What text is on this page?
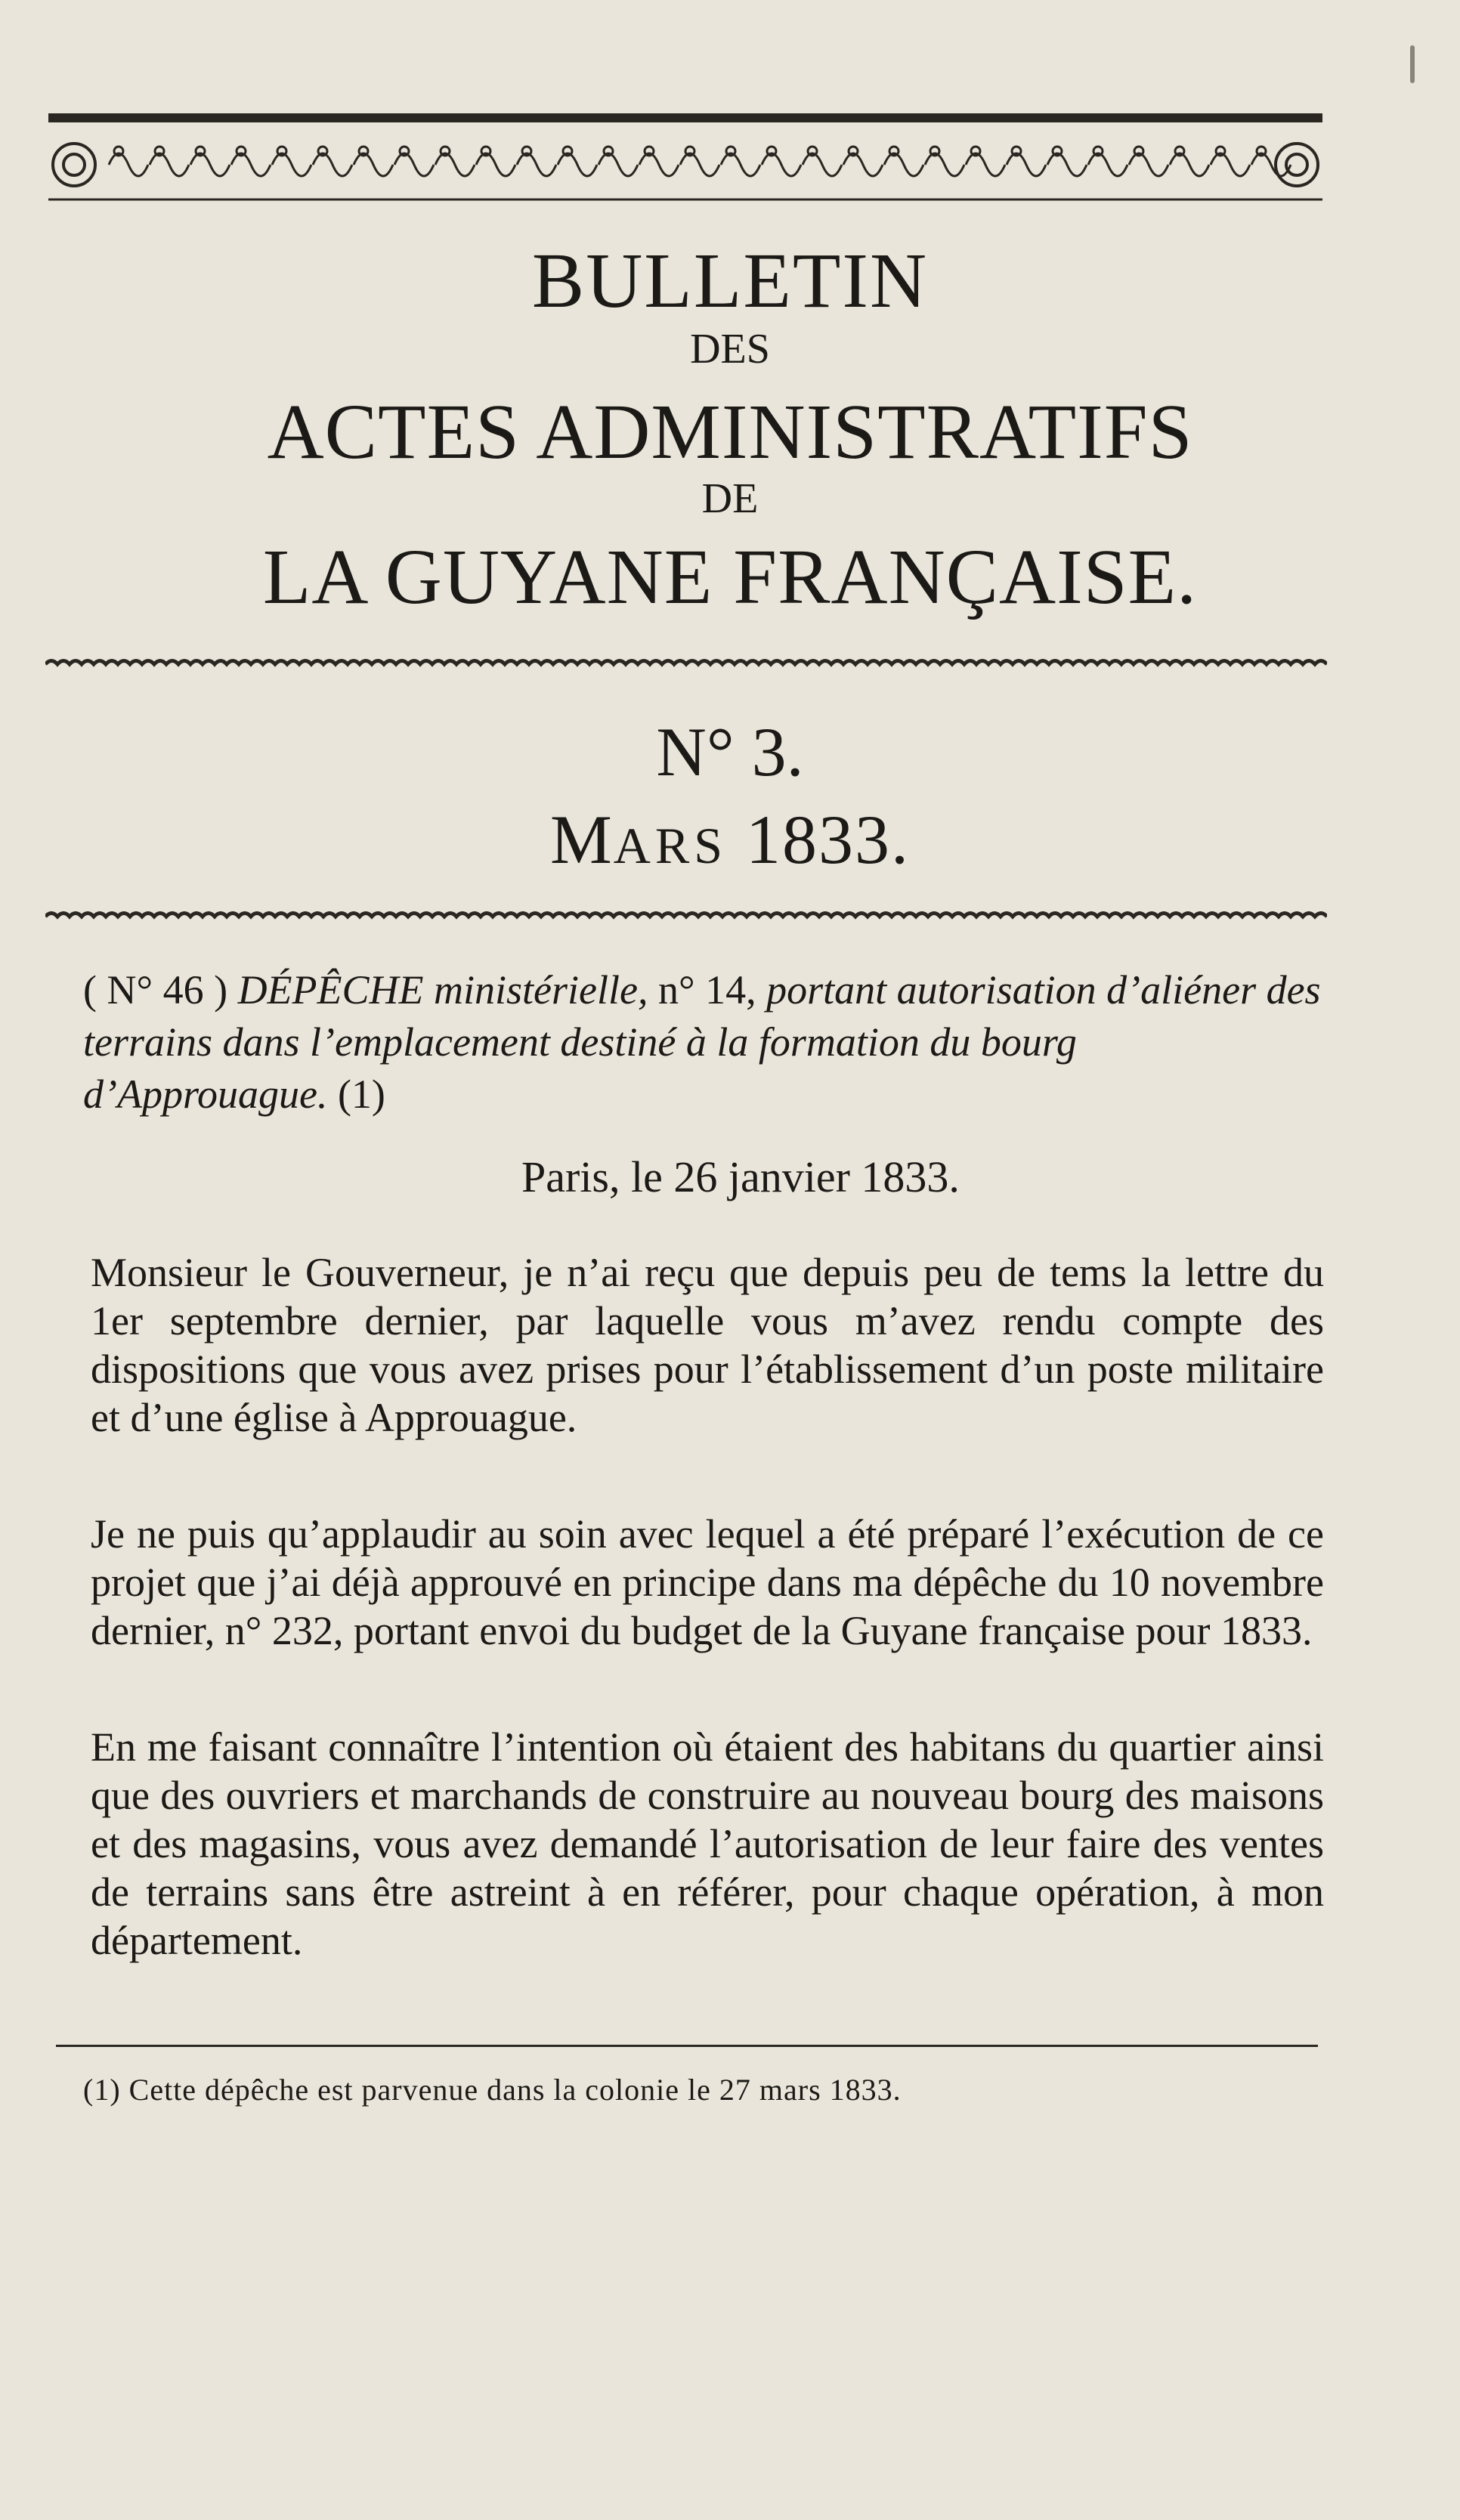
BULLETIN
DES
ACTES ADMINISTRATIFS
DE
LA GUYANE FRANÇAISE.
N° 3.
MARS 1833.
( N° 46 ) DÉPÊCHE ministérielle, n° 14, portant autorisation d’aliéner des terrains dans l’emplacement destiné à la formation du bourg d’Approuague. (1)
Paris, le 26 janvier 1833.
Monsieur le Gouverneur, je n’ai reçu que depuis peu de tems la lettre du 1er septembre dernier, par laquelle vous m’avez rendu compte des dispositions que vous avez prises pour l’établissement d’un poste militaire et d’une église à Approuague.
Je ne puis qu’applaudir au soin avec lequel a été préparé l’exécution de ce projet que j’ai déjà approuvé en principe dans ma dépêche du 10 novembre dernier, n° 232, portant envoi du budget de la Guyane française pour 1833.
En me faisant connaître l’intention où étaient des habitans du quartier ainsi que des ouvriers et marchands de construire au nouveau bourg des maisons et des magasins, vous avez demandé l’autorisation de leur faire des ventes de terrains sans être astreint à en référer, pour chaque opération, à mon département.
(1) Cette dépêche est parvenue dans la colonie le 27 mars 1833.
